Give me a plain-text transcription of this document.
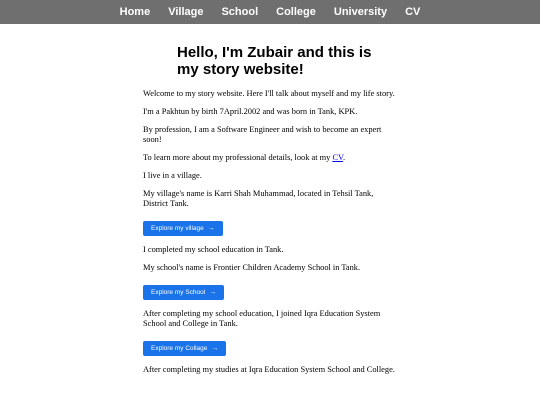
Home Village School College University CV
Hello, I'm Zubair and this is my story website!

Welcome to my story website. Here I'll talk about myself and my life story.

I'm a Pakhtun by birth 7April.2002 and was born in Tank, KPK.

By profession, I am a Software Engineer and wish to become an expert soon!

To learn more about my professional details, look at my CV.

I live in a village.

My village's name is Karri Shah Muhammad, located in Tehsil Tank, District Tank.

Explore my village →

I completed my school education in Tank.

My school's name is Frontier Children Academy School in Tank.

Explore my School →

After completing my school education, I joined Iqra Education System School and College in Tank.

Explore my Collage →

After completing my studies at Iqra Education System School and College.
